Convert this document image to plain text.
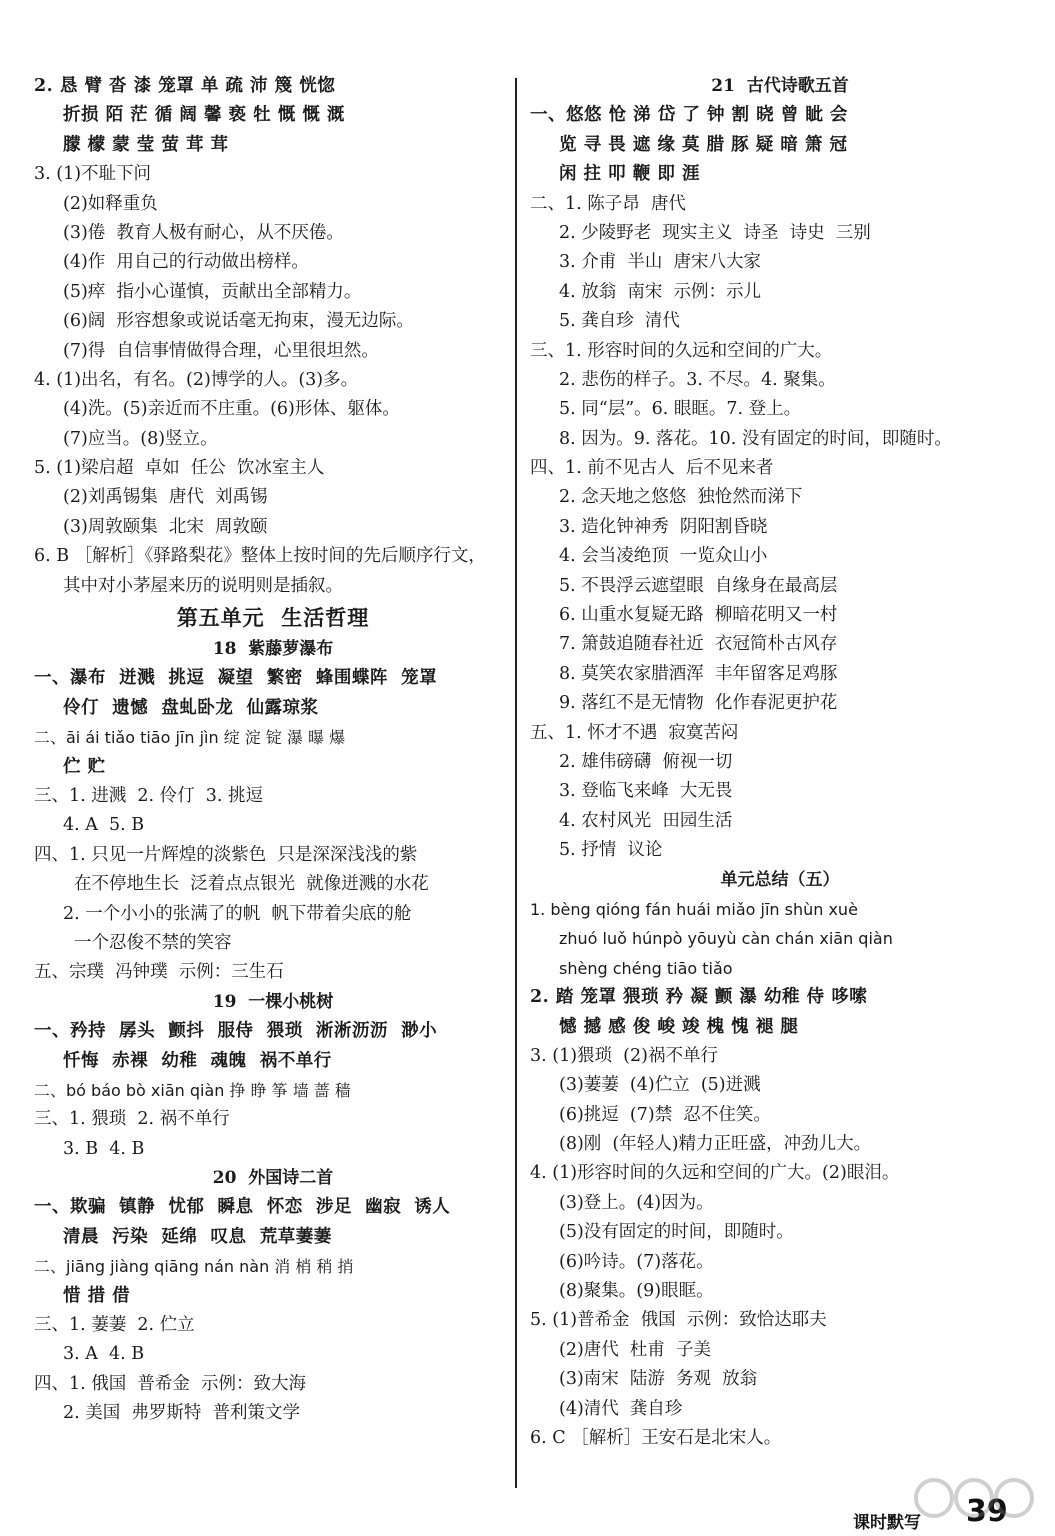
2. 恳 臂 沓 漆 笼罩 单 疏 沛 篾 恍惚
折损 陌 茫 循 阔 馨 亵 牡 慨 慨 溉
朦 檬 蒙 莹 萤 茸 茸
3. (1)不耻下问
(2)如释重负
(3)倦  教育人极有耐心，从不厌倦。
(4)作  用自己的行动做出榜样。
(5)瘁  指小心谨慎，贡献出全部精力。
(6)阔  形容想象或说话毫无拘束，漫无边际。
(7)得  自信事情做得合理，心里很坦然。
4. (1)出名，有名。(2)博学的人。(3)多。
(4)洗。(5)亲近而不庄重。(6)形体、躯体。
(7)应当。(8)竖立。
5. (1)梁启超  卓如  任公  饮冰室主人
(2)刘禹锡集  唐代  刘禹锡
(3)周敦颐集  北宋  周敦颐
6. B ［解析］《驿路梨花》整体上按时间的先后顺序行文，
其中对小茅屋来历的说明则是插叙。
第五单元  生活哲理
18  紫藤萝瀑布
一、瀑布  迸溅  挑逗  凝望  繁密  蜂围蝶阵  笼罩
伶仃  遗憾  盘虬卧龙  仙露琼浆
二、āi ái tiǎo tiāo jīn jìn 绽 淀 锭 瀑 曝 爆
伫 贮
三、1. 进溅  2. 伶仃  3. 挑逗
4. A  5. B
四、1. 只见一片辉煌的淡紫色  只是深深浅浅的紫
在不停地生长  泛着点点银光  就像迸溅的水花
2. 一个小小的张满了的帆  帆下带着尖底的舱
一个忍俊不禁的笑容
五、宗璞  冯钟璞  示例：三生石
19  一棵小桃树
一、矜持  孱头  颤抖  服侍  猥琐  淅淅沥沥  渺小
忏悔  赤裸  幼稚  魂魄  祸不单行
二、bó báo bò xiān qiàn 挣 睁 筝 墙 蔷 穑
三、1. 猥琐  2. 祸不单行
3. B  4. B
20  外国诗二首
一、欺骗  镇静  忧郁  瞬息  怀恋  涉足  幽寂  诱人
清晨  污染  延绵  叹息  荒草萋萋
二、jiāng jiàng qiāng nán nàn 消 梢 稍 捎
惜 措 借
三、1. 萋萋  2. 伫立
3. A  4. B
四、1. 俄国  普希金  示例：致大海
2. 美国  弗罗斯特  普利策文学
21  古代诗歌五首
一、悠悠 怆 涕 岱 了 钟 割 晓 曾 眦 会
览 寻 畏 遮 缘 莫 腊 豚 疑 暗 箫 冠
闲 拄 叩 鞭 即 涯
二、1. 陈子昂  唐代
2. 少陵野老  现实主义  诗圣  诗史  三别
3. 介甫  半山  唐宋八大家
4. 放翁  南宋  示例：示儿
5. 龚自珍  清代
三、1. 形容时间的久远和空间的广大。
2. 悲伤的样子。3. 不尽。4. 聚集。
5. 同“层”。6. 眼眶。7. 登上。
8. 因为。9. 落花。10. 没有固定的时间，即随时。
四、1. 前不见古人  后不见来者
2. 念天地之悠悠  独怆然而涕下
3. 造化钟神秀  阴阳割昏晓
4. 会当凌绝顶  一览众山小
5. 不畏浮云遮望眼  自缘身在最高层
6. 山重水复疑无路  柳暗花明又一村
7. 箫鼓追随春社近  衣冠简朴古风存
8. 莫笑农家腊酒浑  丰年留客足鸡豚
9. 落红不是无情物  化作春泥更护花
五、1. 怀才不遇  寂寞苦闷
2. 雄伟磅礴  俯视一切
3. 登临飞来峰  大无畏
4. 农村风光  田园生活
5. 抒情  议论
单元总结（五）
1. bèng qióng fán huái miǎo jīn shùn xuè
zhuó luǒ húnpò yōuyù càn chán xiān qiàn
shèng chéng tiāo tiǎo
2. 踏 笼罩 猥琐 矜 凝 颤 瀑 幼稚 侍 哆嗦
憾 撼 感 俊 峻 竣 槐 愧 褪 腿
3. (1)猥琐  (2)祸不单行
(3)萋萋  (4)伫立  (5)迸溅
(6)挑逗  (7)禁  忍不住笑。
(8)刚  (年轻人)精力正旺盛，冲劲儿大。
4. (1)形容时间的久远和空间的广大。(2)眼泪。
(3)登上。(4)因为。
(5)没有固定的时间，即随时。
(6)吟诗。(7)落花。
(8)聚集。(9)眼眶。
5. (1)普希金  俄国  示例：致恰达耶夫
(2)唐代  杜甫  子美
(3)南宋  陆游  务观  放翁
(4)清代  龚自珍
6. C ［解析］王安石是北宋人。
课时默写 39
